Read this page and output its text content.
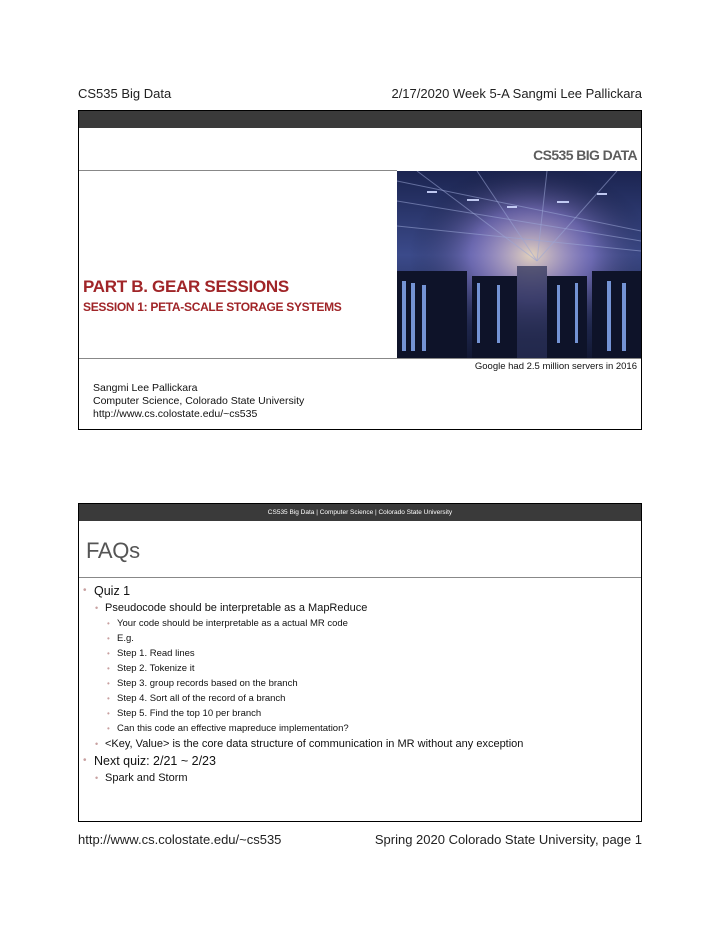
CS535 Big Data	2/17/2020 Week 5-A Sangmi Lee Pallickara
CS535 BIG DATA
PART B. GEAR SESSIONS
SESSION 1: PETA-SCALE STORAGE SYSTEMS
Google had 2.5 million servers in 2016
Sangmi Lee Pallickara
Computer Science, Colorado State University
http://www.cs.colostate.edu/~cs535
CS535 Big Data | Computer Science | Colorado State University
FAQs
• Quiz 1
• Pseudocode should be interpretable as a MapReduce
• Your code should be interpretable as a actual MR code
• E.g.
• Step 1. Read lines
• Step 2. Tokenize it
• Step 3. group records based on the branch
• Step 4. Sort all of the record of a branch
• Step 5. Find the top 10 per branch
• Can this code an effective mapreduce implementation?
• <Key, Value> is the core data structure of communication in MR without any exception
• Next quiz: 2/21 ~ 2/23
• Spark and Storm
http://www.cs.colostate.edu/~cs535	Spring 2020 Colorado State University, page 1
